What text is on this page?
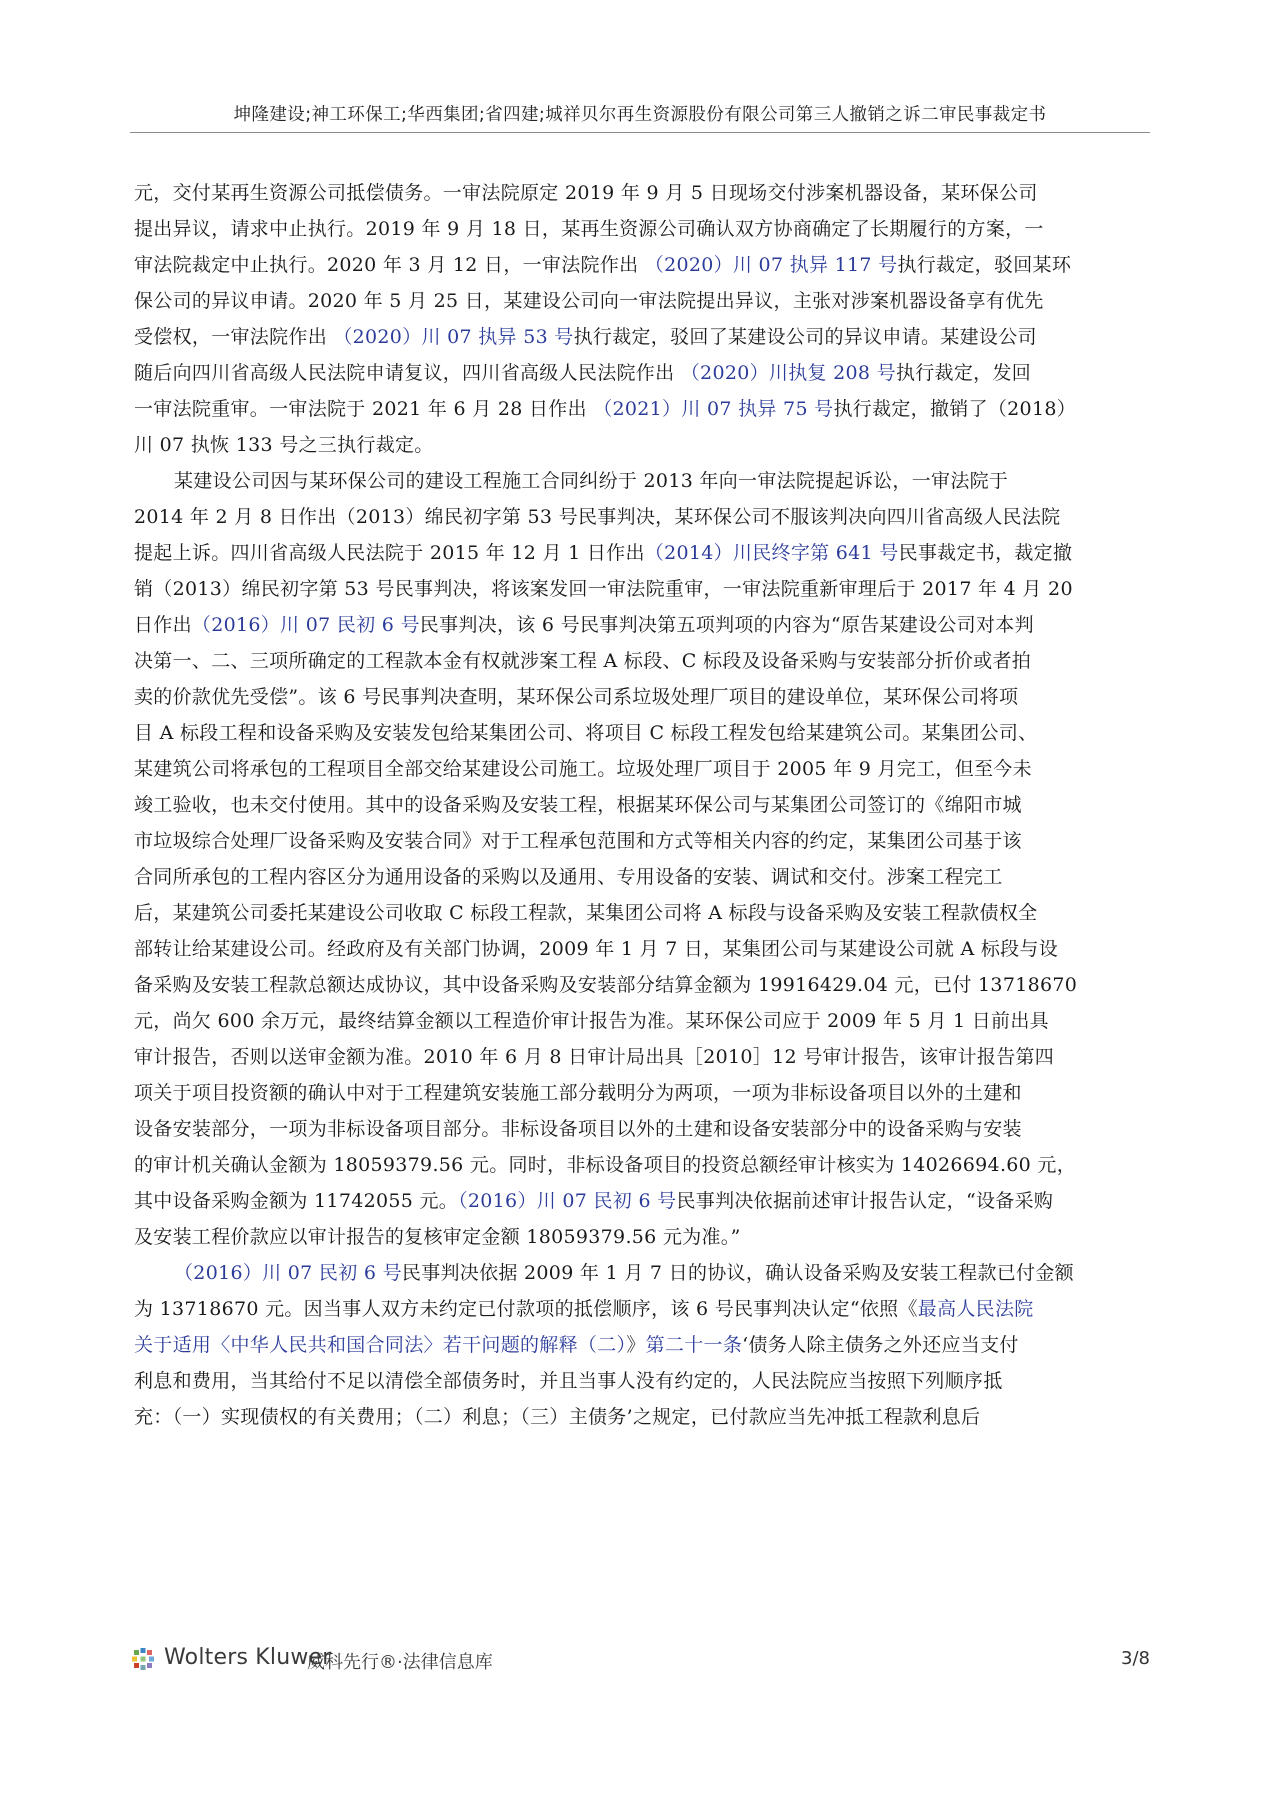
坤隆建设;神工环保工;华西集团;省四建;城祥贝尔再生资源股份有限公司第三人撤销之诉二审民事裁定书

元，交付某再生资源公司抵偿债务。一审法院原定 2019 年 9 月 5 日现场交付涉案机器设备，某环保公司
提出异议，请求中止执行。2019 年 9 月 18 日，某再生资源公司确认双方协商确定了长期履行的方案，一
审法院裁定中止执行。2020 年 3 月 12 日，一审法院作出 （2020）川 07 执异 117 号执行裁定，驳回某环
保公司的异议申请。2020 年 5 月 25 日，某建设公司向一审法院提出异议，主张对涉案机器设备享有优先
受偿权，一审法院作出 （2020）川 07 执异 53 号执行裁定，驳回了某建设公司的异议申请。某建设公司
随后向四川省高级人民法院申请复议，四川省高级人民法院作出 （2020）川执复 208 号执行裁定，发回
一审法院重审。一审法院于 2021 年 6 月 28 日作出 （2021）川 07 执异 75 号执行裁定，撤销了（2018）
川 07 执恢 133 号之三执行裁定。

某建设公司因与某环保公司的建设工程施工合同纠纷于 2013 年向一审法院提起诉讼，一审法院于

2014 年 2 月 8 日作出（2013）绵民初字第 53 号民事判决，某环保公司不服该判决向四川省高级人民法院
提起上诉。四川省高级人民法院于 2015 年 12 月 1 日作出（2014）川民终字第 641 号民事裁定书，裁定撤
销（2013）绵民初字第 53 号民事判决，将该案发回一审法院重审，一审法院重新审理后于 2017 年 4 月 20
日作出（2016）川 07 民初 6 号民事判决，该 6 号民事判决第五项判项的内容为“原告某建设公司对本判
决第一、二、三项所确定的工程款本金有权就涉案工程 A 标段、C 标段及设备采购与安装部分折价或者拍
卖的价款优先受偿”。该 6 号民事判决查明，某环保公司系垃圾处理厂项目的建设单位，某环保公司将项
目 A 标段工程和设备采购及安装发包给某集团公司、将项目 C 标段工程发包给某建筑公司。某集团公司、
某建筑公司将承包的工程项目全部交给某建设公司施工。垃圾处理厂项目于 2005 年 9 月完工，但至今未
竣工验收，也未交付使用。其中的设备采购及安装工程，根据某环保公司与某集团公司签订的《绵阳市城
市垃圾综合处理厂设备采购及安装合同》对于工程承包范围和方式等相关内容的约定，某集团公司基于该
合同所承包的工程内容区分为通用设备的采购以及通用、专用设备的安装、调试和交付。涉案工程完工
后，某建筑公司委托某建设公司收取 C 标段工程款，某集团公司将 A 标段与设备采购及安装工程款债权全
部转让给某建设公司。经政府及有关部门协调，2009 年 1 月 7 日，某集团公司与某建设公司就 A 标段与设
备采购及安装工程款总额达成协议，其中设备采购及安装部分结算金额为 19916429.04 元，已付 13718670
元，尚欠 600 余万元，最终结算金额以工程造价审计报告为准。某环保公司应于 2009 年 5 月 1 日前出具
审计报告，否则以送审金额为准。2010 年 6 月 8 日审计局出具［2010］12 号审计报告，该审计报告第四
项关于项目投资额的确认中对于工程建筑安装施工部分载明分为两项，一项为非标设备项目以外的土建和
设备安装部分，一项为非标设备项目部分。非标设备项目以外的土建和设备安装部分中的设备采购与安装
的审计机关确认金额为 18059379.56 元。同时，非标设备项目的投资总额经审计核实为 14026694.60 元，
其中设备采购金额为 11742055 元。（2016）川 07 民初 6 号民事判决依据前述审计报告认定，“设备采购
及安装工程价款应以审计报告的复核审定金额 18059379.56 元为准。”

（2016）川 07 民初 6 号民事判决依据 2009 年 1 月 7 日的协议，确认设备采购及安装工程款已付金额

为 13718670 元。因当事人双方未约定已付款项的抵偿顺序，该 6 号民事判决认定“依照《最高人民法院
关于适用〈中华人民共和国合同法〉若干问题的解释（二）》第二十一条‘债务人除主债务之外还应当支付
利息和费用，当其给付不足以清偿全部债务时，并且当事人没有约定的，人民法院应当按照下列顺序抵
充：（一）实现债权的有关费用；（二）利息；（三）主债务’之规定，已付款应当先冲抵工程款利息后

Wolters Kluwer
威科先行®·法律信息库	3/8
